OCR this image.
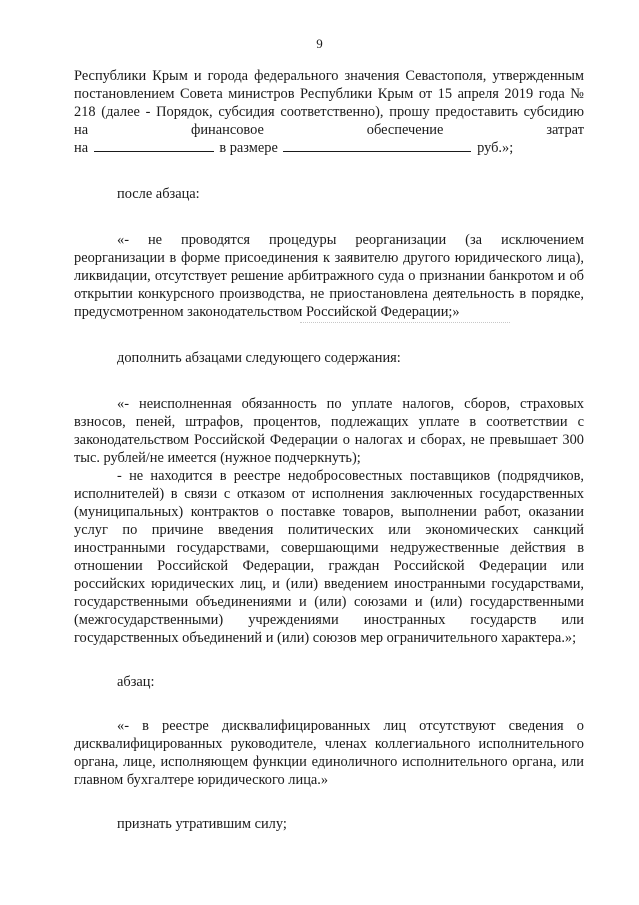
9

Республики Крым и города федерального значения Севастополя, утвержденным постановлением Совета министров Республики Крым от 15 апреля 2019 года № 218 (далее - Порядок, субсидия соответственно), прошу предоставить субсидию на финансовое обеспечение затрат

на	в размере	руб.»;

после абзаца:

«- не проводятся процедуры реорганизации (за исключением реорганизации в форме присоединения к заявителю другого юридического лица), ликвидации, отсутствует решение арбитражного суда о признании банкротом и об открытии конкурсного производства, не приостановлена деятельность в порядке, предусмотренном законодательством Российской Федерации;»

дополнить абзацами следующего содержания:

«- неисполненная обязанность по уплате налогов, сборов, страховых взносов, пеней, штрафов, процентов, подлежащих уплате в соответствии с законодательством Российской Федерации о налогах и сборах, не превышает 300 тыс. рублей/не имеется (нужное подчеркнуть);

- не находится в реестре недобросовестных поставщиков (подрядчиков, исполнителей) в связи с отказом от исполнения заключенных государственных (муниципальных) контрактов о поставке товаров, выполнении работ, оказании услуг по причине введения политических или экономических санкций иностранными государствами, совершающими недружественные действия в отношении Российской Федерации, граждан Российской Федерации или российских юридических лиц, и (или) введением иностранными государствами, государственными объединениями и (или) союзами и (или) государственными (межгосударственными) учреждениями иностранных государств или государственных объединений и (или) союзов мер ограничительного характера.»;

абзац:

«- в реестре дисквалифицированных лиц отсутствуют сведения о дисквалифицированных руководителе, членах коллегиального исполнительного органа, лице, исполняющем функции единоличного исполнительного органа, или главном бухгалтере юридического лица.»

признать утратившим силу;
